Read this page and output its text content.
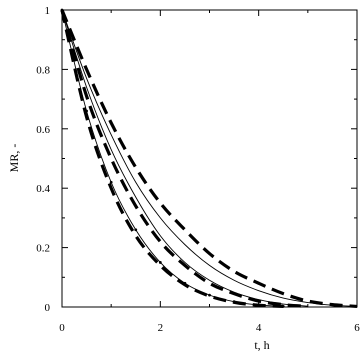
0	2	4	6
0
0.2
0.4
0.6
0.8
1
t, h
MR, -
